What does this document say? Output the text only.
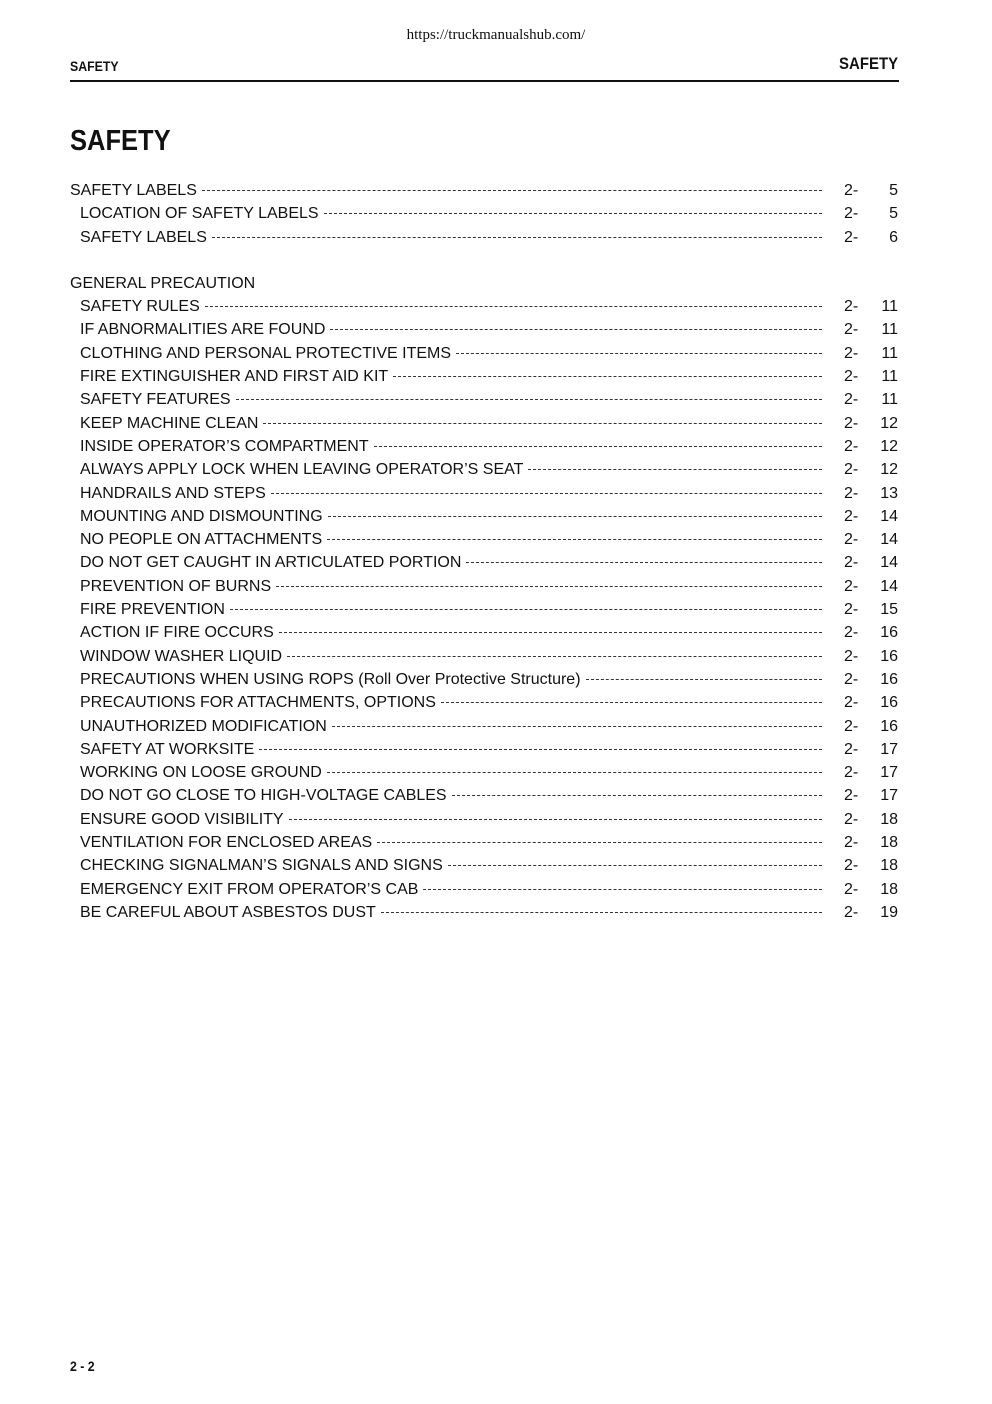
https://truckmanualshub.com/
SAFETY	SAFETY
SAFETY
SAFETY LABELS	2-	5
LOCATION OF SAFETY LABELS	2-	5
SAFETY LABELS	2-	6
GENERAL PRECAUTION
SAFETY RULES	2- 11
IF ABNORMALITIES ARE FOUND	2- 11
CLOTHING AND PERSONAL PROTECTIVE ITEMS	2- 11
FIRE EXTINGUISHER AND FIRST AID KIT	2- 11
SAFETY FEATURES	2- 11
KEEP MACHINE CLEAN	2- 12
INSIDE OPERATOR’S COMPARTMENT	2- 12
ALWAYS APPLY LOCK WHEN LEAVING OPERATOR’S SEAT	2- 12
HANDRAILS AND STEPS	2- 13
MOUNTING AND DISMOUNTING	2- 14
NO PEOPLE ON ATTACHMENTS	2- 14
DO NOT GET CAUGHT IN ARTICULATED PORTION	2- 14
PREVENTION OF BURNS	2- 14
FIRE PREVENTION	2- 15
ACTION IF FIRE OCCURS	2- 16
WINDOW WASHER LIQUID	2- 16
PRECAUTIONS WHEN USING ROPS (Roll Over Protective Structure)	2- 16
PRECAUTIONS FOR ATTACHMENTS, OPTIONS	2- 16
UNAUTHORIZED MODIFICATION	2- 16
SAFETY AT WORKSITE	2- 17
WORKING ON LOOSE GROUND	2- 17
DO NOT GO CLOSE TO HIGH-VOLTAGE CABLES	2- 17
ENSURE GOOD VISIBILITY	2- 18
VENTILATION FOR ENCLOSED AREAS	2- 18
CHECKING SIGNALMAN’S SIGNALS AND SIGNS	2- 18
EMERGENCY EXIT FROM OPERATOR’S CAB	2- 18
BE CAREFUL ABOUT ASBESTOS DUST	2- 19
2 - 2
